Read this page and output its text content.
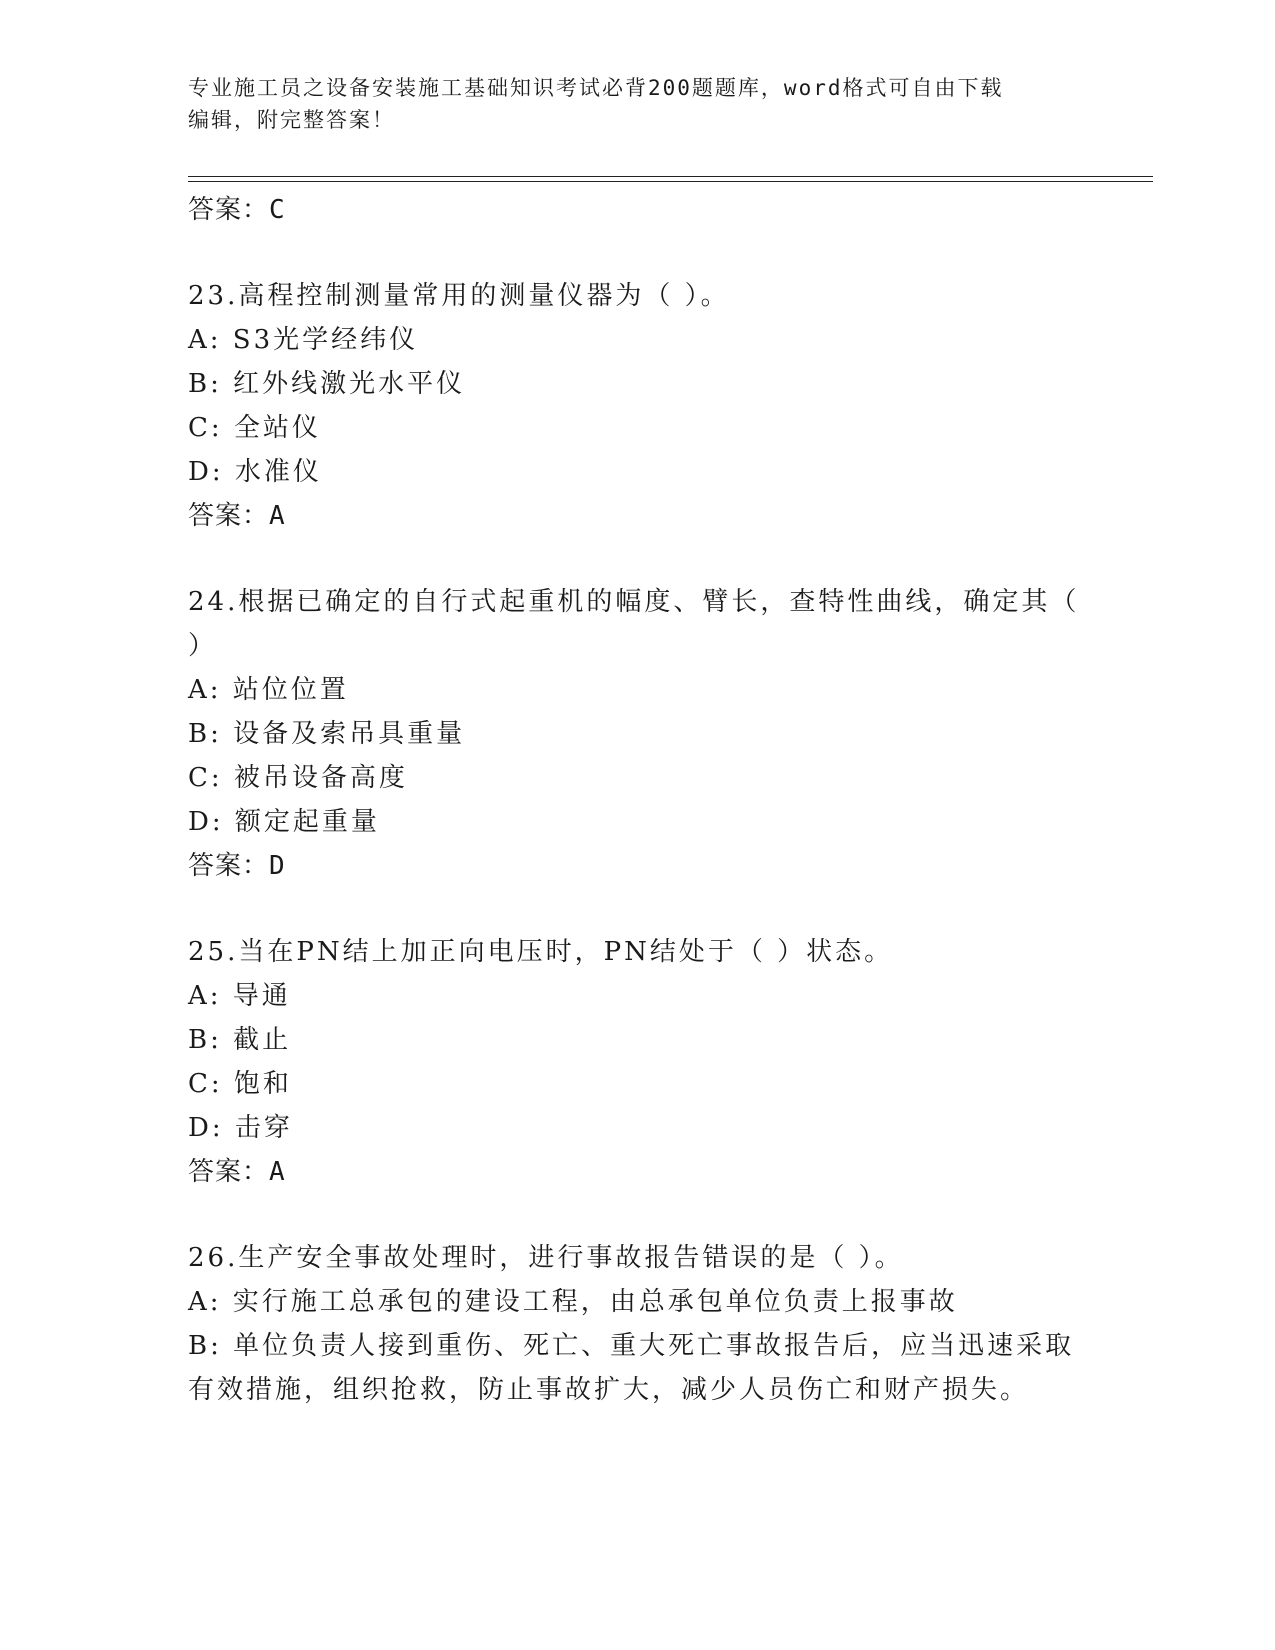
专业施工员之设备安装施工基础知识考试必背200题题库，word格式可自由下载
编辑，附完整答案！
答案：C
23.高程控制测量常用的测量仪器为（ ）。
A: S3光学经纬仪
B: 红外线激光水平仪
C: 全站仪
D: 水准仪
答案：A
24.根据已确定的自行式起重机的幅度、臂长，查特性曲线，确定其（
）
A: 站位位置
B: 设备及索吊具重量
C: 被吊设备高度
D: 额定起重量
答案：D
25.当在PN结上加正向电压时，PN结处于（ ）状态。
A: 导通
B: 截止
C: 饱和
D: 击穿
答案：A
26.生产安全事故处理时，进行事故报告错误的是（ ）。
A: 实行施工总承包的建设工程，由总承包单位负责上报事故
B: 单位负责人接到重伤、死亡、重大死亡事故报告后，应当迅速采取
有效措施，组织抢救，防止事故扩大，减少人员伤亡和财产损失。
